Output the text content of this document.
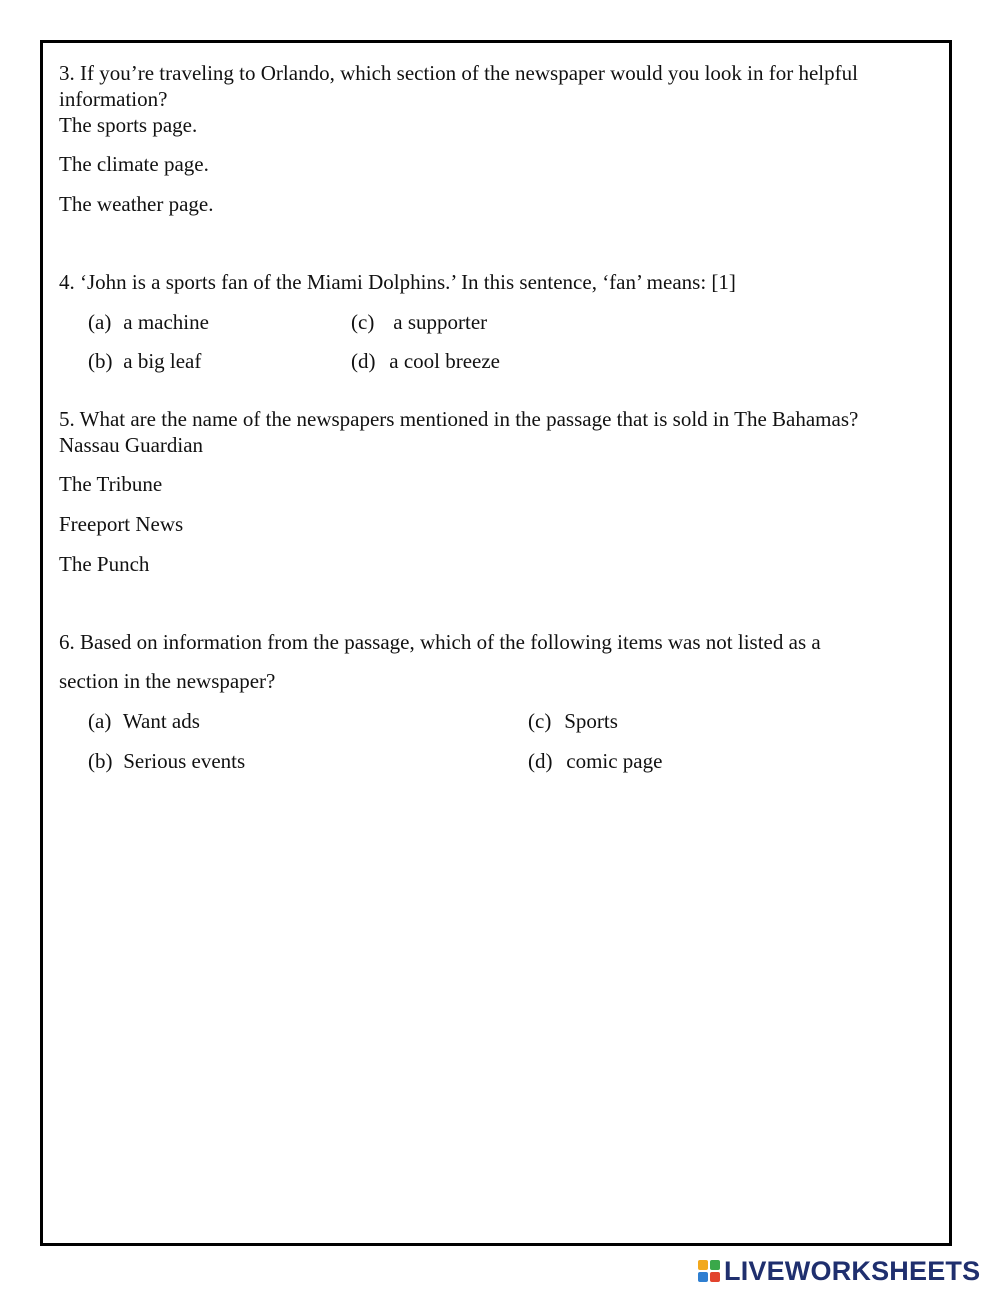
3. If you’re traveling to Orlando, which section of the newspaper would you look in for helpful information?
The sports page.
The climate page.
The weather page.
4. ‘John is a sports fan of the Miami Dolphins.’ In this sentence, ‘fan’ means: [1]
(a) a machine	(c) a supporter
(b) a big leaf	(d) a cool breeze
5. What are the name of the newspapers mentioned in the passage that is sold in The Bahamas?
Nassau Guardian
The Tribune
Freeport News
The Punch
6. Based on information from the passage, which of the following items was not listed as a
section in the newspaper?
(a) Want ads	(c) Sports
(b) Serious events	(d) comic page
LIVEWORKSHEETS
